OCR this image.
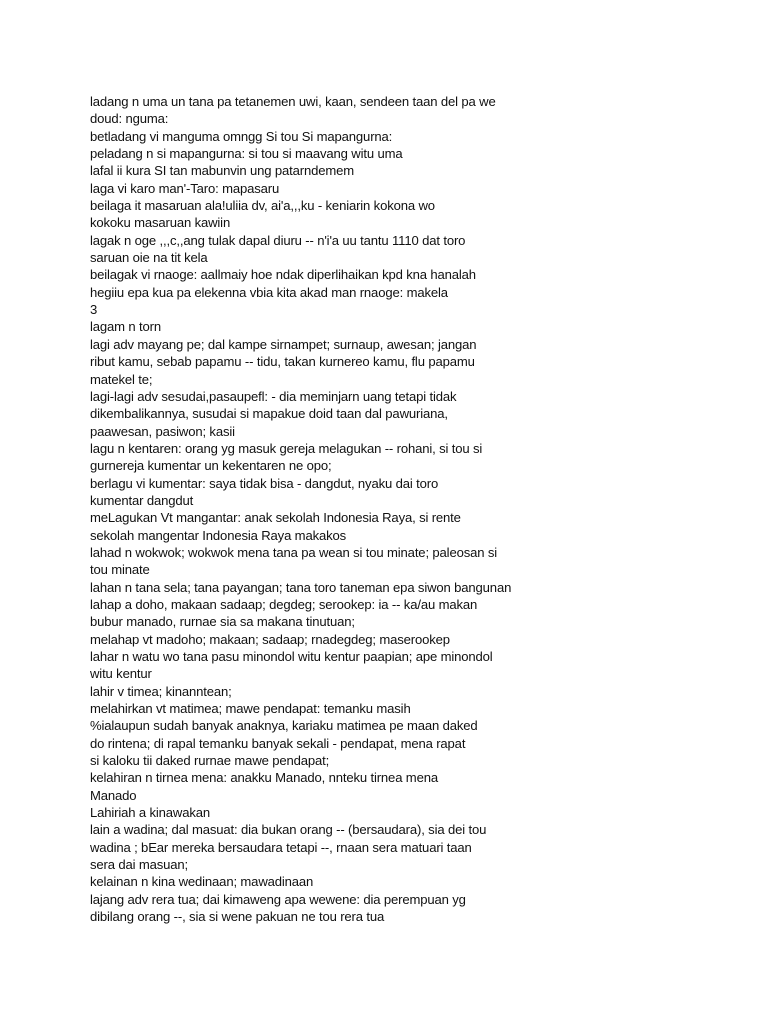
ladang n uma un tana pa tetanemen uwi, kaan, sendeen taan del pa we
doud: nguma:
betladang vi manguma omngg Si tou Si mapangurna:
peladang n si mapangurna: si tou si maavang witu uma
lafal ii kura SI tan mabunvin ung patarndemem
laga vi karo man'-Taro: mapasaru
beilaga it masaruan ala!uliia dv, ai'a,,,ku - keniarin kokona wo
kokoku masaruan kawiin
lagak n oge ,,,c,,ang tulak dapal diuru -- n'i'a uu tantu 1110 dat toro
saruan oie na tit kela
beilagak vi rnaoge: aallmaiy hoe ndak diperlihaikan kpd kna hanalah
hegiiu epa kua pa elekenna vbia kita akad man rnaoge: makela
3
lagam n torn
lagi adv mayang pe; dal kampe sirnampet; surnaup, awesan; jangan
ribut kamu, sebab papamu -- tidu, takan kurnereo kamu, flu papamu
matekel te;
lagi-lagi adv sesudai,pasaupefl: - dia meminjarn uang tetapi tidak
dikembalikannya, susudai si mapakue doid taan dal pawuriana,
paawesan, pasiwon; kasii
lagu n kentaren: orang yg masuk gereja melagukan -- rohani, si tou si
gurnereja kumentar un kekentaren ne opo;
berlagu vi kumentar: saya tidak bisa - dangdut, nyaku dai toro
kumentar dangdut
meLagukan Vt mangantar: anak sekolah Indonesia Raya, si rente
sekolah mangentar Indonesia Raya makakos
lahad n wokwok; wokwok mena tana pa wean si tou minate; paleosan si
tou minate
lahan n tana sela; tana payangan; tana toro taneman epa siwon bangunan
lahap a doho, makaan sadaap; degdeg; serookep: ia -- ka/au makan
bubur manado, rurnae sia sa makana tinutuan;
melahap vt madoho; makaan; sadaap; rnadegdeg; maserookep
lahar n watu wo tana pasu minondol witu kentur paapian; ape minondol
witu kentur
lahir v timea; kinanntean;
melahirkan vt matimea; mawe pendapat: temanku masih
%ialaupun sudah banyak anaknya, kariaku matimea pe maan daked
do rintena; di rapal temanku banyak sekali - pendapat, mena rapat
si kaloku tii daked rurnae mawe pendapat;
kelahiran n tirnea mena: anakku Manado, nnteku tirnea mena
Manado
Lahiriah a kinawakan
lain a wadina; dal masuat: dia bukan orang -- (bersaudara), sia dei tou
wadina ; bEar mereka bersaudara tetapi --, rnaan sera matuari taan
sera dai masuan;
kelainan n kina wedinaan; mawadinaan
lajang adv rera tua; dai kimaweng apa wewene: dia perempuan yg
dibilang orang --, sia si wene pakuan ne tou rera tua
